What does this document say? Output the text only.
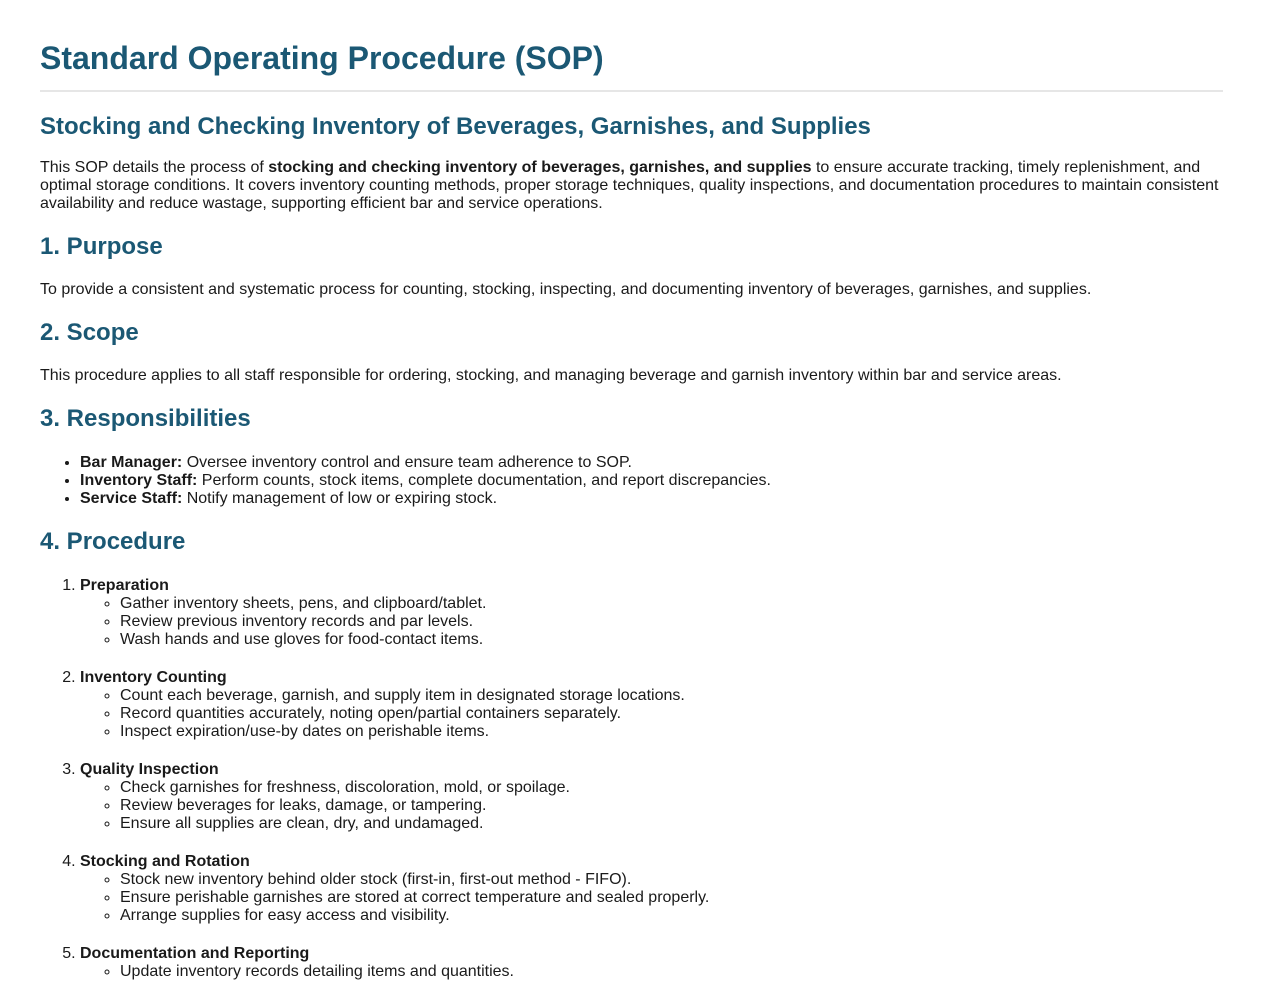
Standard Operating Procedure (SOP)
Stocking and Checking Inventory of Beverages, Garnishes, and Supplies

This SOP details the process of stocking and checking inventory of beverages, garnishes, and supplies to ensure accurate tracking, timely replenishment, and optimal storage conditions. It covers inventory counting methods, proper storage techniques, quality inspections, and documentation procedures to maintain consistent availability and reduce wastage, supporting efficient bar and service operations.

1. Purpose

To provide a consistent and systematic process for counting, stocking, inspecting, and documenting inventory of beverages, garnishes, and supplies.

2. Scope

This procedure applies to all staff responsible for ordering, stocking, and managing beverage and garnish inventory within bar and service areas.

3. Responsibilities
• Bar Manager: Oversee inventory control and ensure team adherence to SOP.
• Inventory Staff: Perform counts, stock items, complete documentation, and report discrepancies.
• Service Staff: Notify management of low or expiring stock.
4. Procedure
1. Preparation
◦ Gather inventory sheets, pens, and clipboard/tablet.
◦ Review previous inventory records and par levels.
◦ Wash hands and use gloves for food-contact items.
2. Inventory Counting
◦ Count each beverage, garnish, and supply item in designated storage locations.
◦ Record quantities accurately, noting open/partial containers separately.
◦ Inspect expiration/use-by dates on perishable items.
3. Quality Inspection
◦ Check garnishes for freshness, discoloration, mold, or spoilage.
◦ Review beverages for leaks, damage, or tampering.
◦ Ensure all supplies are clean, dry, and undamaged.
4. Stocking and Rotation
◦ Stock new inventory behind older stock (first-in, first-out method - FIFO).
◦ Ensure perishable garnishes are stored at correct temperature and sealed properly.
◦ Arrange supplies for easy access and visibility.
5. Documentation and Reporting
◦ Update inventory records detailing items and quantities.
